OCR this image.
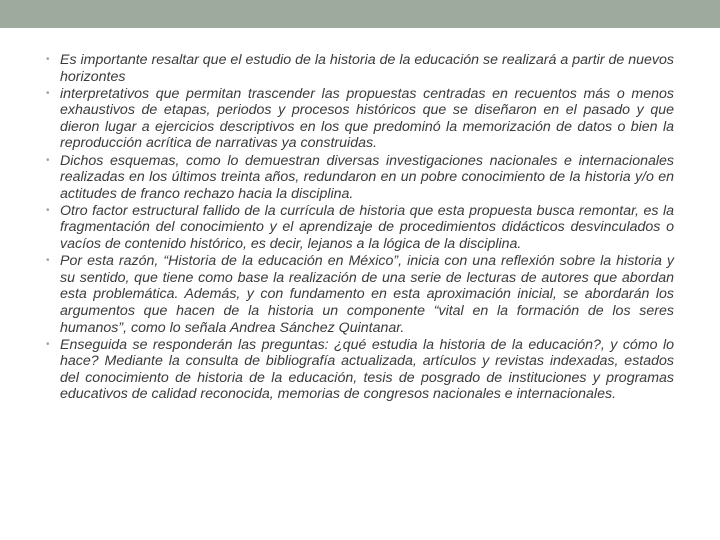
• Es importante resaltar que el estudio de la historia de la educación se realizará a partir de nuevos horizontes
• interpretativos que permitan trascender las propuestas centradas en recuentos más o menos exhaustivos de etapas, periodos y procesos históricos que se diseñaron en el pasado y que dieron lugar a ejercicios descriptivos en los que predominó la memorización de datos o bien la reproducción acrítica de narrativas ya construidas.
• Dichos esquemas, como lo demuestran diversas investigaciones nacionales e internacionales realizadas en los últimos treinta años, redundaron en un pobre conocimiento de la historia y/o en actitudes de franco rechazo hacia la disciplina.
• Otro factor estructural fallido de la currícula de historia que esta propuesta busca remontar, es la fragmentación del conocimiento y el aprendizaje de procedimientos didácticos desvinculados o vacíos de contenido histórico, es decir, lejanos a la lógica de la disciplina.
• Por esta razón, “Historia de la educación en México”, inicia con una reflexión sobre la historia y su sentido, que tiene como base la realización de una serie de lecturas de autores que abordan esta problemática. Además, y con fundamento en esta aproximación inicial, se abordarán los argumentos que hacen de la historia un componente “vital en la formación de los seres humanos”, como lo señala Andrea Sánchez Quintanar.
• Enseguida se responderán las preguntas: ¿qué estudia la historia de la educación?, y cómo lo hace? Mediante la consulta de bibliografía actualizada, artículos y revistas indexadas, estados del conocimiento de historia de la educación, tesis de posgrado de instituciones y programas educativos de calidad reconocida, memorias de congresos nacionales e internacionales.
